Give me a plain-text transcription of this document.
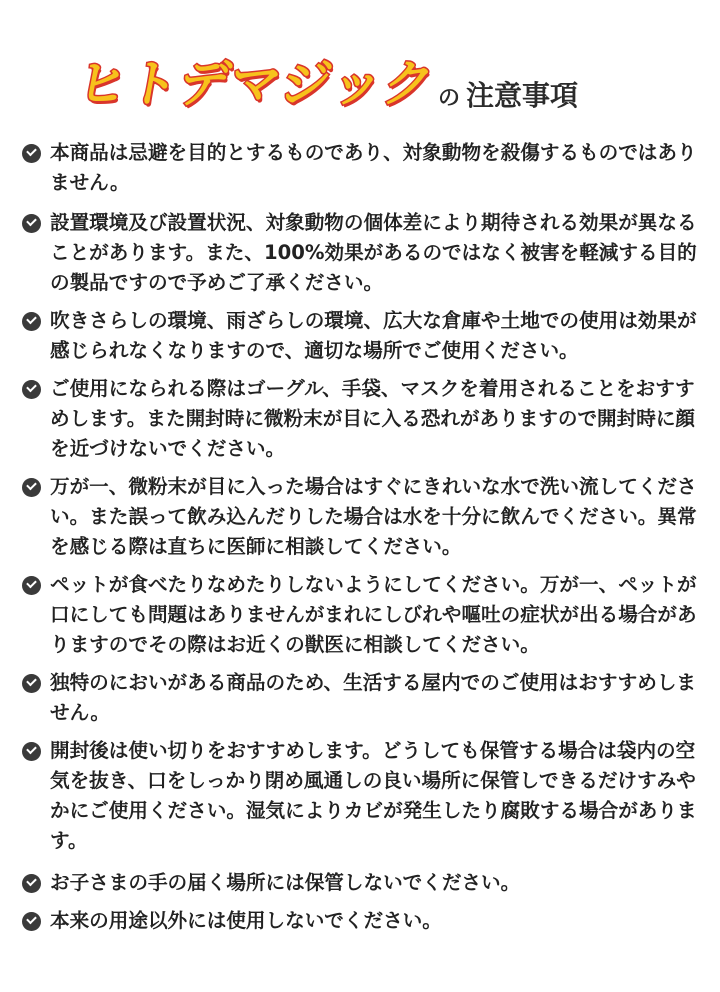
ヒトデマジック
の 注意事項
本商品は忌避を目的とするものであり、対象動物を殺傷するものではありません。
設置環境及び設置状況、対象動物の個体差により期待される効果が異なることがあります。また、100%効果があるのではなく被害を軽減する目的の製品ですので予めご了承ください。
吹きさらしの環境、雨ざらしの環境、広大な倉庫や土地での使用は効果が感じられなくなりますので、適切な場所でご使用ください。
ご使用になられる際はゴーグル、手袋、マスクを着用されることをおすすめします。また開封時に微粉末が目に入る恐れがありますので開封時に顔を近づけないでください。
万が一、微粉末が目に入った場合はすぐにきれいな水で洗い流してください。また誤って飲み込んだりした場合は水を十分に飲んでください。異常を感じる際は直ちに医師に相談してください。
ペットが食べたりなめたりしないようにしてください。万が一、ペットが口にしても問題はありませんがまれにしびれや嘔吐の症状が出る場合がありますのでその際はお近くの獣医に相談してください。
独特のにおいがある商品のため、生活する屋内でのご使用はおすすめしません。
開封後は使い切りをおすすめします。どうしても保管する場合は袋内の空気を抜き、口をしっかり閉め風通しの良い場所に保管しできるだけすみやかにご使用ください。湿気によりカビが発生したり腐敗する場合があります。
お子さまの手の届く場所には保管しないでください。
本来の用途以外には使用しないでください。
